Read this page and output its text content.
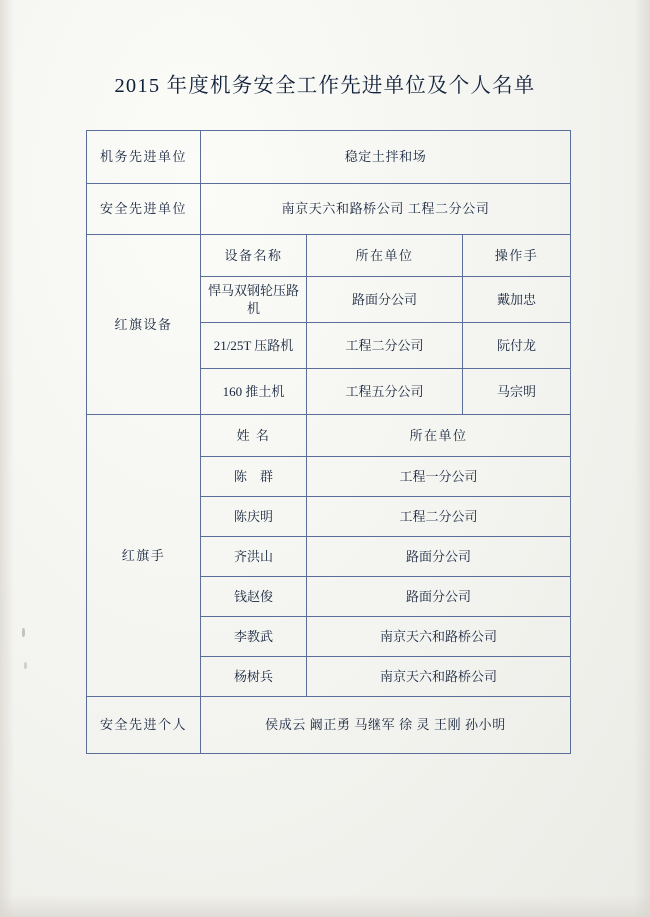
2015 年度机务安全工作先进单位及个人名单
机务先进单位	稳定土拌和场		
安全先进单位	南京天六和路桥公司 工程二分公司		
红旗设备	设备名称	所在单位	操作手
	悍马双钢轮压路机	路面分公司	戴加忠
	21/25T 压路机	工程二分公司	阮付龙
	160 推土机	工程五分公司	马宗明
红旗手	姓 名	所在单位	
	陈　群	工程一分公司	
	陈庆明	工程二分公司	
	齐洪山	路面分公司	
	钱赵俊	路面分公司	
	李教武	南京天六和路桥公司	
	杨树兵	南京天六和路桥公司	
安全先进个人	侯成云 阚正勇 马继军 徐 灵 王刚 孙小明		
